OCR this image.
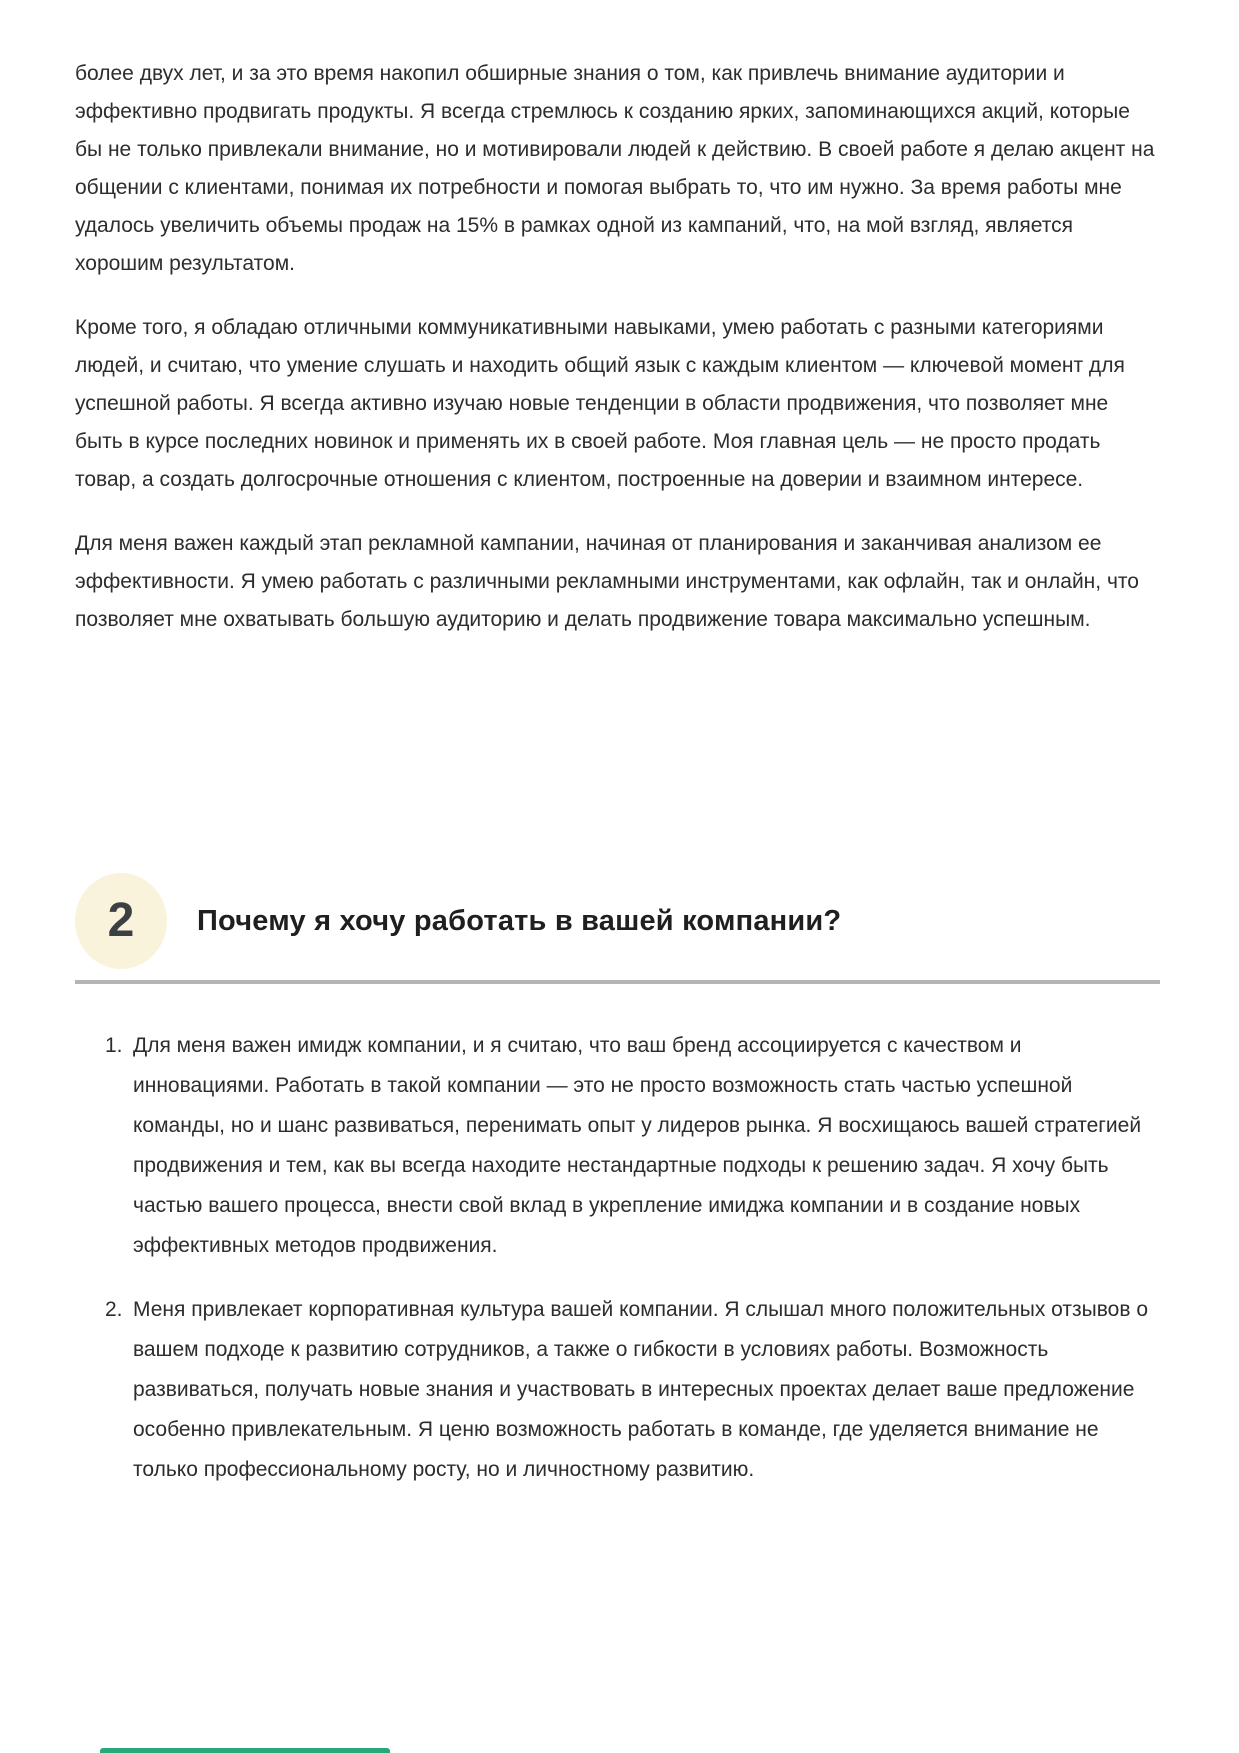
более двух лет, и за это время накопил обширные знания о том, как привлечь внимание аудитории и эффективно продвигать продукты. Я всегда стремлюсь к созданию ярких, запоминающихся акций, которые бы не только привлекали внимание, но и мотивировали людей к действию. В своей работе я делаю акцент на общении с клиентами, понимая их потребности и помогая выбрать то, что им нужно. За время работы мне удалось увеличить объемы продаж на 15% в рамках одной из кампаний, что, на мой взгляд, является хорошим результатом.

Кроме того, я обладаю отличными коммуникативными навыками, умею работать с разными категориями людей, и считаю, что умение слушать и находить общий язык с каждым клиентом — ключевой момент для успешной работы. Я всегда активно изучаю новые тенденции в области продвижения, что позволяет мне быть в курсе последних новинок и применять их в своей работе. Моя главная цель — не просто продать товар, а создать долгосрочные отношения с клиентом, построенные на доверии и взаимном интересе.

Для меня важен каждый этап рекламной кампании, начиная от планирования и заканчивая анализом ее эффективности. Я умею работать с различными рекламными инструментами, как офлайн, так и онлайн, что позволяет мне охватывать большую аудиторию и делать продвижение товара максимально успешным.

2 Почему я хочу работать в вашей компании?
1. Для меня важен имидж компании, и я считаю, что ваш бренд ассоциируется с качеством и инновациями. Работать в такой компании — это не просто возможность стать частью успешной команды, но и шанс развиваться, перенимать опыт у лидеров рынка. Я восхищаюсь вашей стратегией продвижения и тем, как вы всегда находите нестандартные подходы к решению задач. Я хочу быть частью вашего процесса, внести свой вклад в укрепление имиджа компании и в создание новых эффективных методов продвижения.

2. Меня привлекает корпоративная культура вашей компании. Я слышал много положительных отзывов о вашем подходе к развитию сотрудников, а также о гибкости в условиях работы. Возможность развиваться, получать новые знания и участвовать в интересных проектах делает ваше предложение особенно привлекательным. Я ценю возможность работать в команде, где уделяется внимание не только профессиональному росту, но и личностному развитию.
